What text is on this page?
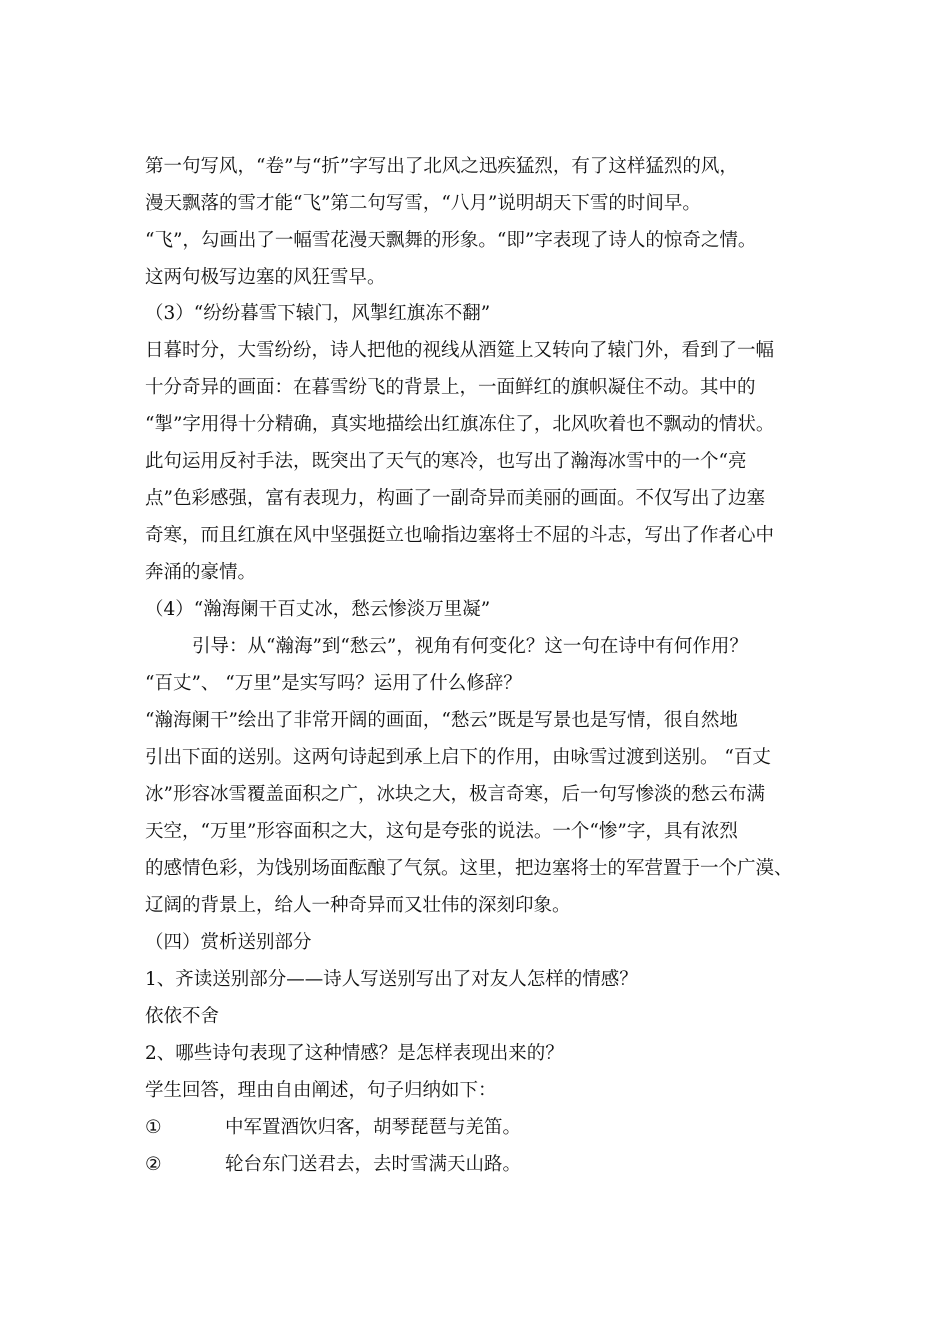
第一句写风，“卷”与“折”字写出了北风之迅疾猛烈，有了这样猛烈的风，
漫天飘落的雪才能“飞”第二句写雪，“八月”说明胡天下雪的时间早。
“飞”，勾画出了一幅雪花漫天飘舞的形象。“即”字表现了诗人的惊奇之情。
这两句极写边塞的风狂雪早。
（3）“纷纷暮雪下辕门，风掣红旗冻不翻”
日暮时分，大雪纷纷，诗人把他的视线从酒筵上又转向了辕门外，看到了一幅
十分奇异的画面：在暮雪纷飞的背景上，一面鲜红的旗帜凝住不动。其中的
“掣”字用得十分精确，真实地描绘出红旗冻住了，北风吹着也不飘动的情状。
此句运用反衬手法，既突出了天气的寒冷，也写出了瀚海冰雪中的一个“亮
点”色彩感强，富有表现力，构画了一副奇异而美丽的画面。不仅写出了边塞
奇寒，而且红旗在风中坚强挺立也喻指边塞将士不屈的斗志，写出了作者心中
奔涌的豪情。
（4）“瀚海阑干百丈冰，愁云惨淡万里凝”
引导：从“瀚海”到“愁云”，视角有何变化？这一句在诗中有何作用？
“百丈”、 “万里”是实写吗？运用了什么修辞？
“瀚海阑干”绘出了非常开阔的画面，“愁云”既是写景也是写情，很自然地
引出下面的送别。这两句诗起到承上启下的作用，由咏雪过渡到送别。 “百丈
冰”形容冰雪覆盖面积之广，冰块之大，极言奇寒，后一句写惨淡的愁云布满
天空，“万里”形容面积之大，这句是夸张的说法。一个“惨”字，具有浓烈
的感情色彩，为饯别场面酝酿了气氛。这里，把边塞将士的军营置于一个广漠、
辽阔的背景上，给人一种奇异而又壮伟的深刻印象。
（四）赏析送别部分
1、齐读送别部分——诗人写送别写出了对友人怎样的情感？
依依不舍
2、哪些诗句表现了这种情感？是怎样表现出来的？
学生回答，理由自由阐述，句子归纳如下：
①	中军置酒饮归客，胡琴琵琶与羌笛。
②	轮台东门送君去，去时雪满天山路。
